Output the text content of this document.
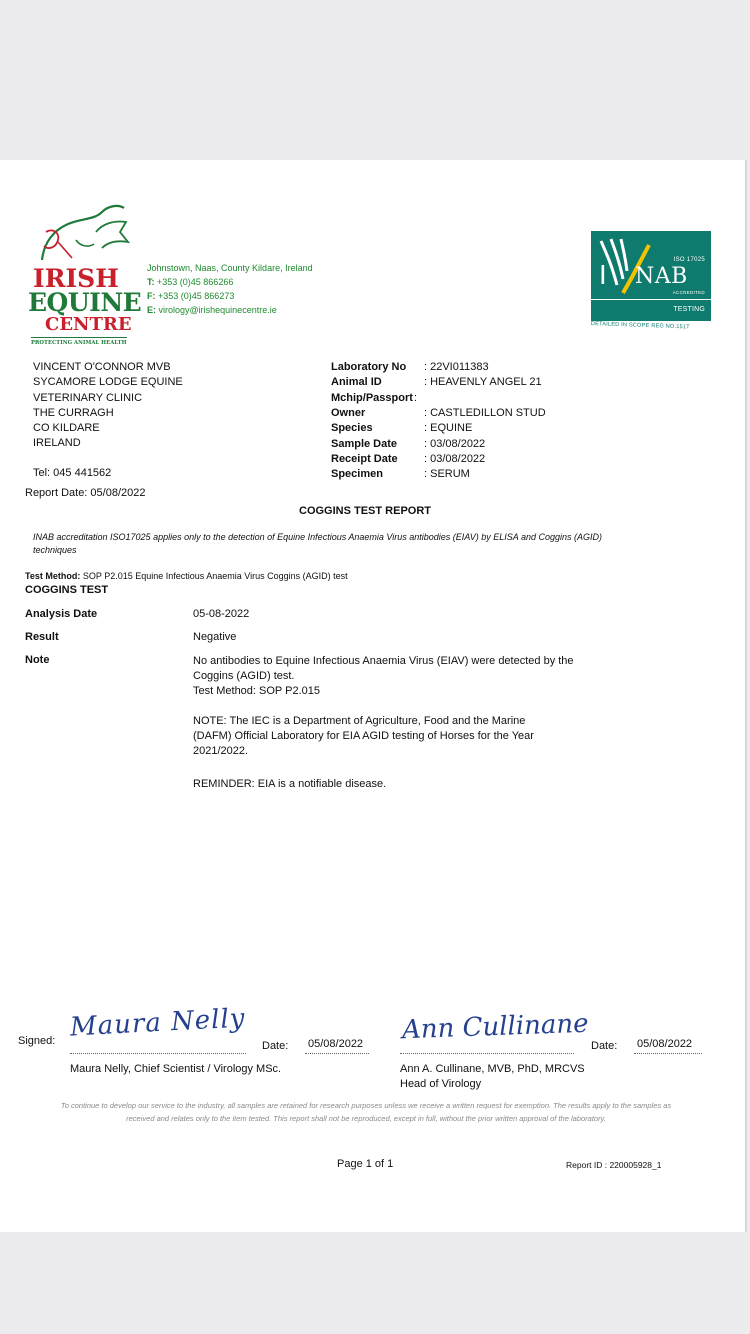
IRISH
EQUINE
CENTRE
PROTECTING ANIMAL HEALTH
Johnstown, Naas, County Kildare, Ireland
T: +353 (0)45 866266
F: +353 (0)45 866273
E: virology@irishequinecentre.ie
ISO 17025
I NAB
ACCREDITED
TESTING
DETAILED IN SCOPE REG NO.151T
VINCENT O'CONNOR MVB
SYCAMORE LODGE EQUINE
VETERINARY CLINIC
THE CURRAGH
CO KILDARE
IRELAND
Tel: 045 441562
Report Date: 05/08/2022
Laboratory No : 22VI011383
Animal ID	: HEAVENLY ANGEL 21
Mchip/Passport :
Owner	: CASTLEDILLON STUD
Species	: EQUINE
Sample Date : 03/08/2022
Receipt Date : 03/08/2022
Specimen	: SERUM
COGGINS TEST REPORT
INAB accreditation ISO17025 applies only to the detection of Equine Infectious Anaemia Virus antibodies (EIAV) by ELISA and Coggins (AGID) techniques
Test Method: SOP P2.015 Equine Infectious Anaemia Virus Coggins (AGID) test
COGGINS TEST
Analysis Date	05-08-2022
Result	Negative
Note	No antibodies to Equine Infectious Anaemia Virus (EIAV) were detected by the Coggins (AGID) test.
Test Method: SOP P2.015
NOTE: The IEC is a Department of Agriculture, Food and the Marine (DAFM) Official Laboratory for EIA AGID testing of Horses for the Year 2021/2022.
REMINDER: EIA is a notifiable disease.
Signed: Maura Nelly
Date: 05/08/2022 Ann Cullinane
Date: 05/08/2022
Maura Nelly, Chief Scientist / Virology MSc.	Ann A. Cullinane, MVB, PhD, MRCVS
Head of Virology
To continue to develop our service to the industry, all samples are retained for research purposes unless we receive a written request for exemption. The results apply to the samples as received and relates only to the item tested. This report shall not be reproduced, except in full, without the prior written approval of the laboratory.
Page 1 of 1	Report ID : 220005928_1
